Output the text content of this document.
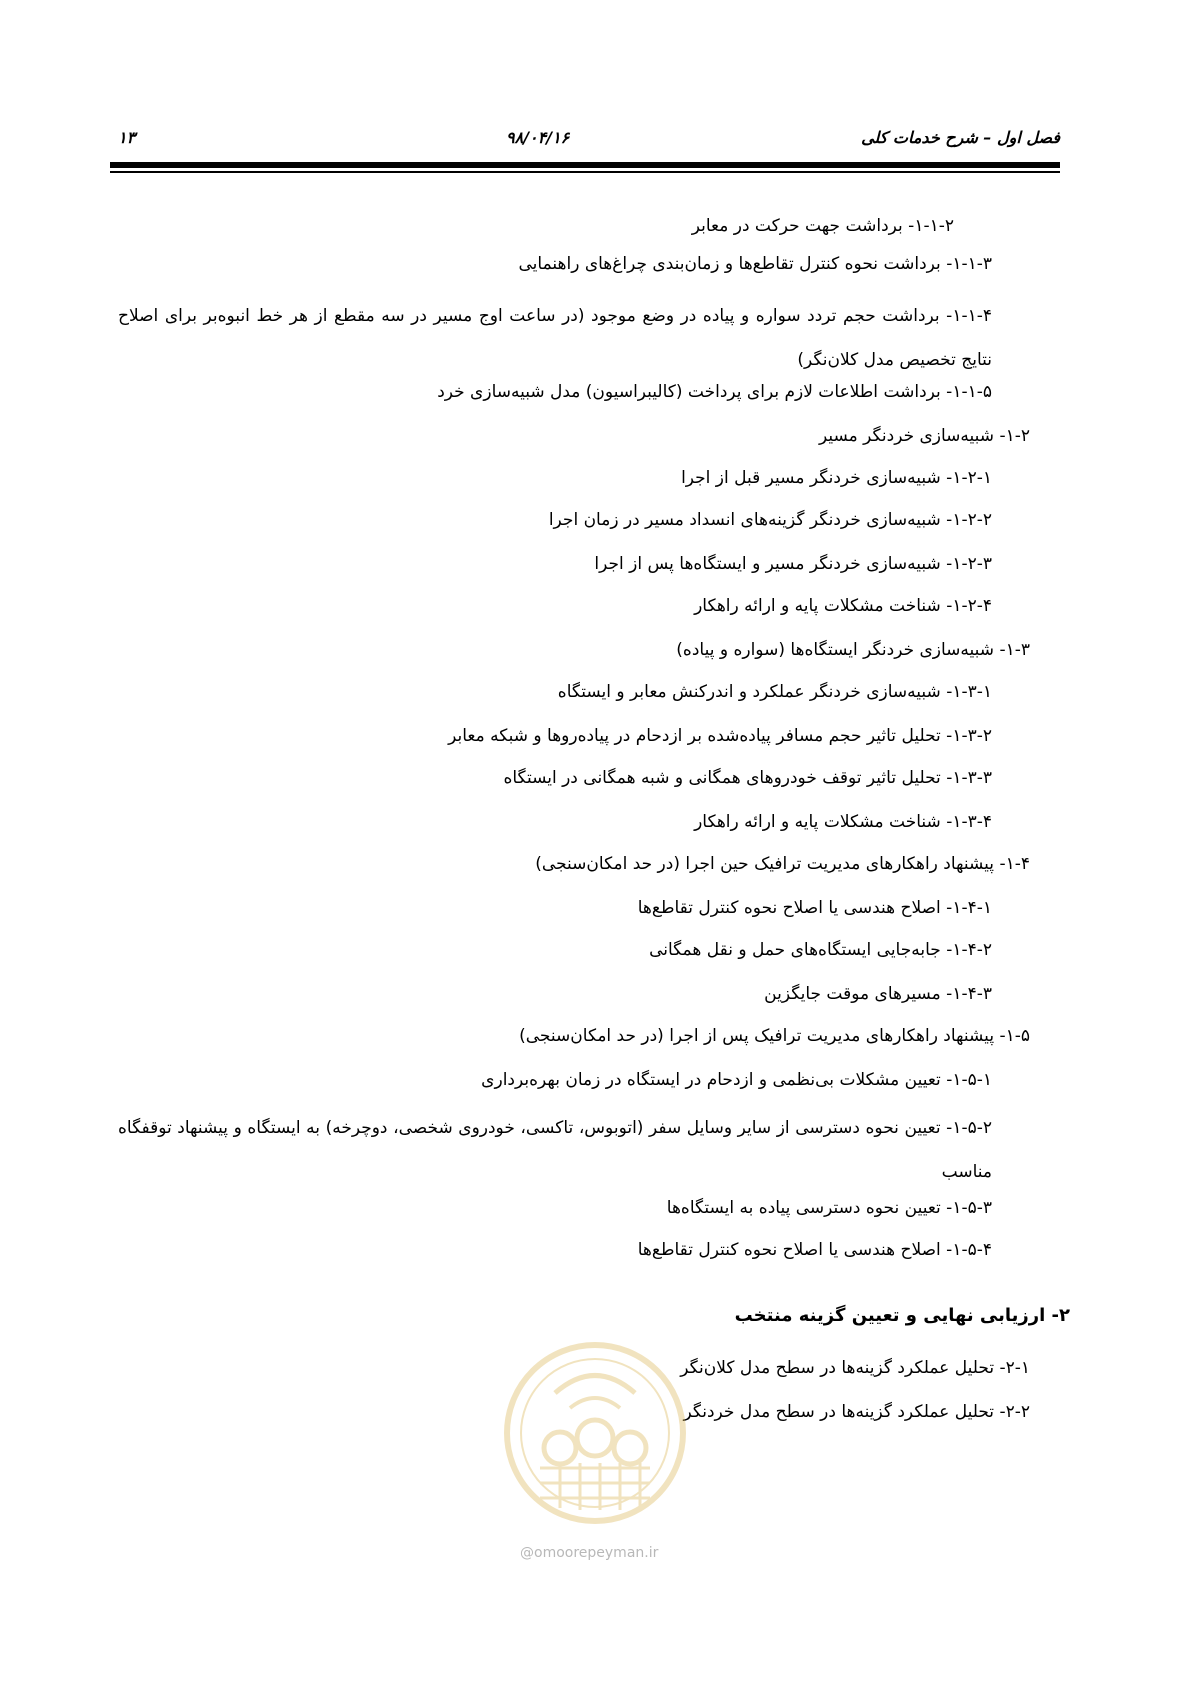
فصل اول – شرح خدمات کلی
۹۸/۰۴/۱۶
۱۳

۱-۱-۲- برداشت جهت حرکت در معابر

۱-۱-۳- برداشت نحوه کنترل تقاطع‌ها و زمان‌بندی چراغ‌های راهنمایی

۱-۱-۴- برداشت حجم تردد سواره و پیاده در وضع موجود (در ساعت اوج مسیر در سه مقطع از هر خط انبوه‌بر برای اصلاح نتایج تخصیص مدل کلان‌نگر)

۱-۱-۵- برداشت اطلاعات لازم برای پرداخت (کالیبراسیون) مدل شبیه‌سازی خرد

۱-۲- شبیه‌سازی خردنگر مسیر

۱-۲-۱- شبیه‌سازی خردنگر مسیر قبل از اجرا

۱-۲-۲- شبیه‌سازی خردنگر گزینه‌های انسداد مسیر در زمان اجرا

۱-۲-۳- شبیه‌سازی خردنگر مسیر و ایستگاه‌ها پس از اجرا

۱-۲-۴- شناخت مشکلات پایه و ارائه راهکار

۱-۳- شبیه‌سازی خردنگر ایستگاه‌ها (سواره و پیاده)

۱-۳-۱- شبیه‌سازی خردنگر عملکرد و اندرکنش معابر و ایستگاه

۱-۳-۲- تحلیل تاثیر حجم مسافر پیاده‌شده بر ازدحام در پیاده‌روها و شبکه معابر

۱-۳-۳- تحلیل تاثیر توقف خودروهای همگانی و شبه همگانی در ایستگاه

۱-۳-۴- شناخت مشکلات پایه و ارائه راهکار

۱-۴- پیشنهاد راهکارهای مدیریت ترافیک حین اجرا (در حد امکان‌سنجی)

۱-۴-۱- اصلاح هندسی یا اصلاح نحوه کنترل تقاطع‌ها

۱-۴-۲- جابه‌جایی ایستگاه‌های حمل و نقل همگانی

۱-۴-۳- مسیرهای موقت جایگزین

۱-۵- پیشنهاد راهکارهای مدیریت ترافیک پس از اجرا (در حد امکان‌سنجی)

۱-۵-۱- تعیین مشکلات بی‌نظمی و ازدحام در ایستگاه در زمان بهره‌برداری

۱-۵-۲- تعیین نحوه دسترسی از سایر وسایل سفر (اتوبوس، تاکسی، خودروی شخصی، دوچرخه) به ایستگاه و پیشنهاد توقفگاه مناسب

۱-۵-۳- تعیین نحوه دسترسی پیاده به ایستگاه‌ها

۱-۵-۴- اصلاح هندسی یا اصلاح نحوه کنترل تقاطع‌ها

۲- ارزیابی نهایی و تعیین گزینه منتخب

۲-۱- تحلیل عملکرد گزینه‌ها در سطح مدل کلان‌نگر

۲-۲- تحلیل عملکرد گزینه‌ها در سطح مدل خردنگر

@omoorepeyman.ir
